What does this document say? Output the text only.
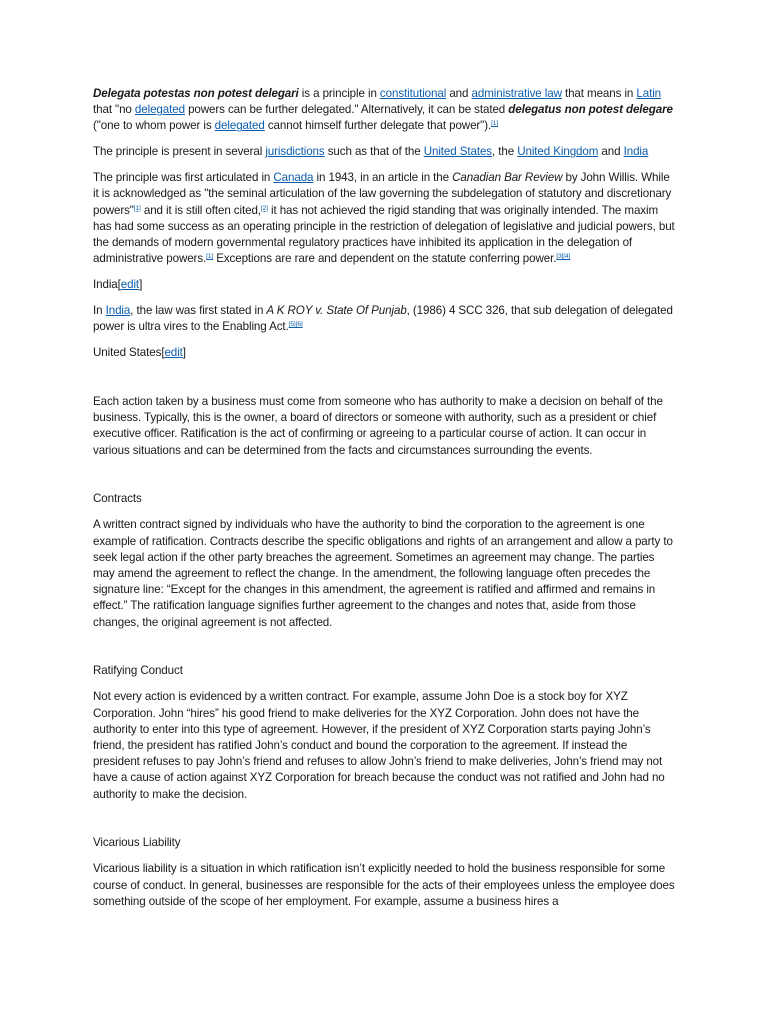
Delegata potestas non potest delegari is a principle in constitutional and administrative law that means in Latin that "no delegated powers can be further delegated." Alternatively, it can be stated delegatus non potest delegare ("one to whom power is delegated cannot himself further delegate that power").[1]

The principle is present in several jurisdictions such as that of the United States, the United Kingdom and India

The principle was first articulated in Canada in 1943, in an article in the Canadian Bar Review by John Willis. While it is acknowledged as "the seminal articulation of the law governing the subdelegation of statutory and discretionary powers"[1] and it is still often cited,[2] it has not achieved the rigid standing that was originally intended. The maxim has had some success as an operating principle in the restriction of delegation of legislative and judicial powers, but the demands of modern governmental regulatory practices have inhibited its application in the delegation of administrative powers.[1] Exceptions are rare and dependent on the statute conferring power.[3][4]

India[edit]

In India, the law was first stated in A K ROY v. State Of Punjab, (1986) 4 SCC 326, that sub delegation of delegated power is ultra vires to the Enabling Act.[5][6]

United States[edit]

Each action taken by a business must come from someone who has authority to make a decision on behalf of the business. Typically, this is the owner, a board of directors or someone with authority, such as a president or chief executive officer. Ratification is the act of confirming or agreeing to a particular course of action. It can occur in various situations and can be determined from the facts and circumstances surrounding the events.

Contracts

A written contract signed by individuals who have the authority to bind the corporation to the agreement is one example of ratification. Contracts describe the specific obligations and rights of an arrangement and allow a party to seek legal action if the other party breaches the agreement. Sometimes an agreement may change. The parties may amend the agreement to reflect the change. In the amendment, the following language often precedes the signature line: “Except for the changes in this amendment, the agreement is ratified and affirmed and remains in effect.” The ratification language signifies further agreement to the changes and notes that, aside from those changes, the original agreement is not affected.

Ratifying Conduct

Not every action is evidenced by a written contract. For example, assume John Doe is a stock boy for XYZ Corporation. John “hires” his good friend to make deliveries for the XYZ Corporation. John does not have the authority to enter into this type of agreement. However, if the president of XYZ Corporation starts paying John’s friend, the president has ratified John’s conduct and bound the corporation to the agreement. If instead the president refuses to pay John’s friend and refuses to allow John’s friend to make deliveries, John’s friend may not have a cause of action against XYZ Corporation for breach because the conduct was not ratified and John had no authority to make the decision.

Vicarious Liability

Vicarious liability is a situation in which ratification isn’t explicitly needed to hold the business responsible for some course of conduct. In general, businesses are responsible for the acts of their employees unless the employee does something outside of the scope of her employment. For example, assume a business hires a
